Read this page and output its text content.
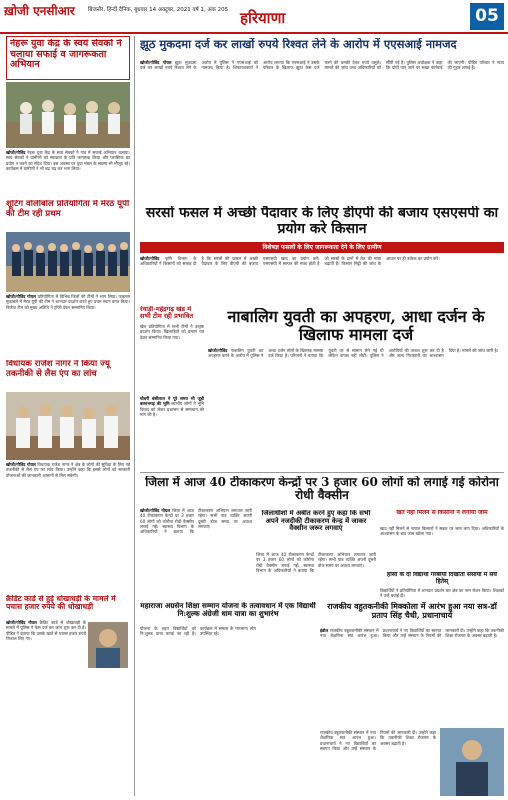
ख़ोजी एनसीआर	बिजनौर, हिन्दी दैनिक, बुधवार 14 अक्टूबर, 2021 वर्ष 1, अंक 205 हरियाणा	05
नेहरू युवा केंद्र के स्वयं सेवको ने चलाया सफाई व जागरूकता अभियान
खोजी/गोविंद नेहरू युवा केंद्र के स्वयं सेवको ने गांव में सफाई अभियान चलाया। स्वयं सेवकों ने ग्रामीणों को स्वच्छता के प्रति जागरूक किया और प्लास्टिक का प्रयोग न करने का संदेश दिया। इस अवसर पर युवा मंडल के सदस्य भी मौजूद रहे। कार्यक्रम में ग्रामीणों ने भी बढ़ चढ़ कर भाग लिया।
शूटिंग वॉलीबॉल प्रतियोगिता में मेरठ यूपी की टीम रही प्रथम
खोजी/गोविंद गोयल प्रतियोगिता में विभिन्न जिलों की टीमों ने भाग लिया। फाइनल मुकाबले में मेरठ यूपी की टीम ने शानदार प्रदर्शन करते हुए प्रथम स्थान प्राप्त किया। विजेता टीम को मुख्य अतिथि ने ट्रॉफी देकर सम्मानित किया।
विधायक राजेश नागर ने किया ज्यू तकनीकी से लैस एंप का लांच
खोजी/गोविंद गोयल विधायक राजेश नागर ने क्षेत्र के लोगों की सुविधा के लिए नई तकनीकी से लैस एंप का लांच किया। उन्होंने कहा कि इससे लोगों को सरकारी योजनाओं की जानकारी आसानी से मिल सकेगी।
क्रैडिट कार्ड से हुई धोखाधड़ी के मामले में पचास हजार रुपये की धोखाधड़ी
खोजी/गोविंद गोयल क्रैडिट कार्ड से धोखाधड़ी के मामले में पुलिस ने केस दर्ज कर जांच शुरू कर दी है। पीड़ित ने बताया कि उसके खाते से पचास हजार रुपये निकाल लिए गए।
झूठ मुकदमा दर्ज कर लाखों रुपये रिश्वत लेने के आरोप में एएसआई नामजद
खोजी/गोविंद गोयल झूठा मुकदमा दर्ज कर लाखों रुपये रिश्वत लेने के आरोप में पुलिस ने एएसआई को नामजद किया है। शिकायतकर्ता ने आरोप लगाया कि एएसआई ने उसके परिवार के खिलाफ झूठा केस दर्ज करने की धमकी देकर रुपये वसूले। मामले की जांच उच्च अधिकारियों को सौंपी गई है। पुलिस अधीक्षक ने कहा कि दोषी पाए जाने पर सख्त कार्रवाई की जाएगी। पीड़ित परिवार ने न्याय की गुहार लगाई है।
सरसों फसल में अच्छी पैदावार के लिए डीएपी की बजाय एसएसपी का प्रयोग करे किसान
विशेषज्ञ फसलों के लिए जागरूकता देने के लिए ग्रामीण
खोजी/गोविंद कृषि विभाग के अधिकारियों ने किसानों को सलाह दी है कि सरसों की फसल में अच्छी पैदावार के लिए डीएपी की बजाय एसएसपी खाद का प्रयोग करें। एसएसपी में सल्फर की मात्रा होती है जो सरसों के दानों में तेल की मात्रा बढ़ाती है। किसान मिट्टी की जांच के आधार पर ही उर्वरक का प्रयोग करें।
रेवाड़ी-महेंद्रगढ़ खंड में सभी टीम रही प्रभावित
खेल प्रतियोगिता में सभी टीमों ने उत्कृष्ट प्रदर्शन किया। खिलाड़ियों को प्रमाण पत्र देकर सम्मानित किया गया।
नाबालिग युवती का अपहरण, आधा दर्जन के खिलाफ मामला दर्ज
खोजी/गोविंद नाबालिग युवती का अपहरण करने के आरोप में पुलिस ने आधा दर्जन लोगों के खिलाफ मामला दर्ज किया है। परिजनों ने बताया कि युवती घर से सामान लेने गई थी लेकिन वापस नहीं लौटी। पुलिस ने आरोपियों की तलाश शुरू कर दी है और जल्द गिरफ्तारी का आश्वासन दिया है। मामले की जांच जारी है।
चौधरी बंसीलाल ने पूरे समय भी जुड़ी बल्लभगढ़ की भूमि स्थानीय लोगों ने भूमि विवाद को लेकर प्रशासन से समाधान की मांग की है।
जिला में आज 40 टीकाकरण केन्द्रों पर 3 हजार 60 लोगों को लगाई गई कोरोना रोधी वैक्सीन
खोजी/गोविंद गोयल जिला में आज 40 टीकाकरण केन्द्रों पर 3 हजार 60 लोगों को कोरोना रोधी वैक्सीन लगाई गई। स्वास्थ्य विभाग के अधिकारियों ने बताया कि टीकाकरण अभियान लगातार जारी रहेगा। सभी पात्र व्यक्ति अपनी दूसरी डोज समय पर अवश्य लगवाएं।
जिलाधीशों में अबीत करने हुए कहा कि सभी अपने नजदीकी टीकाकरण केन्द्र में जाकर वैक्सीन जरूर लगवाएं
जिला में आज 40 टीकाकरण केन्द्रों पर 3 हजार 60 लोगों को कोरोना रोधी वैक्सीन लगाई गई। स्वास्थ्य विभाग के अधिकारियों ने बताया कि टीकाकरण अभियान लगातार जारी रहेगा। सभी पात्र व्यक्ति अपनी दूसरी डोज समय पर अवश्य लगवाएं।
खत नहीं मिलने से किसानों ने लगाया जाम
खाद नहीं मिलने से नाराज किसानों ने सड़क पर जाम लगा दिया। अधिकारियों के आश्वासन के बाद जाम खोला गया।
हांसी के दो विद्यार्थी गरबीयों दिखाता ससायों में सेंघे हितेस्
विद्यार्थियों ने प्रतियोगिता में शानदार प्रदर्शन कर क्षेत्र का नाम रोशन किया। शिक्षकों ने उन्हें बधाई दी।
महाराजा अग्रसेन शिक्षा सम्मान योजना के तत्वावधान में एक विद्यार्थी नि:शुल्क अंग्रेजी धाम यात्रा का शुभारंभ
योजना के तहत विद्यार्थियों को नि:शुल्क यात्रा कराई जा रही है। कार्यक्रम में समाज के गणमान्य लोग उपस्थित रहे।
राजकीय वहुतकनीकी मिक्कोला में आरंभ हुआ नया सत्र-डॉ प्रताप सिंह चैधी, प्रधानाचार्य
इंडोल राजकीय बहुतकनीकी संस्थान में नया शैक्षणिक सत्र आरंभ हुआ। प्रधानाचार्य ने नए विद्यार्थियों का स्वागत किया और उन्हें संस्थान के नियमों की जानकारी दी। उन्होंने कहा कि तकनीकी शिक्षा रोजगार के अवसर बढ़ाती है।
राजकीय बहुतकनीकी संस्थान में नया शैक्षणिक सत्र आरंभ हुआ। प्रधानाचार्य ने नए विद्यार्थियों का स्वागत किया और उन्हें संस्थान के नियमों की जानकारी दी। उन्होंने कहा कि तकनीकी शिक्षा रोजगार के अवसर बढ़ाती है।
